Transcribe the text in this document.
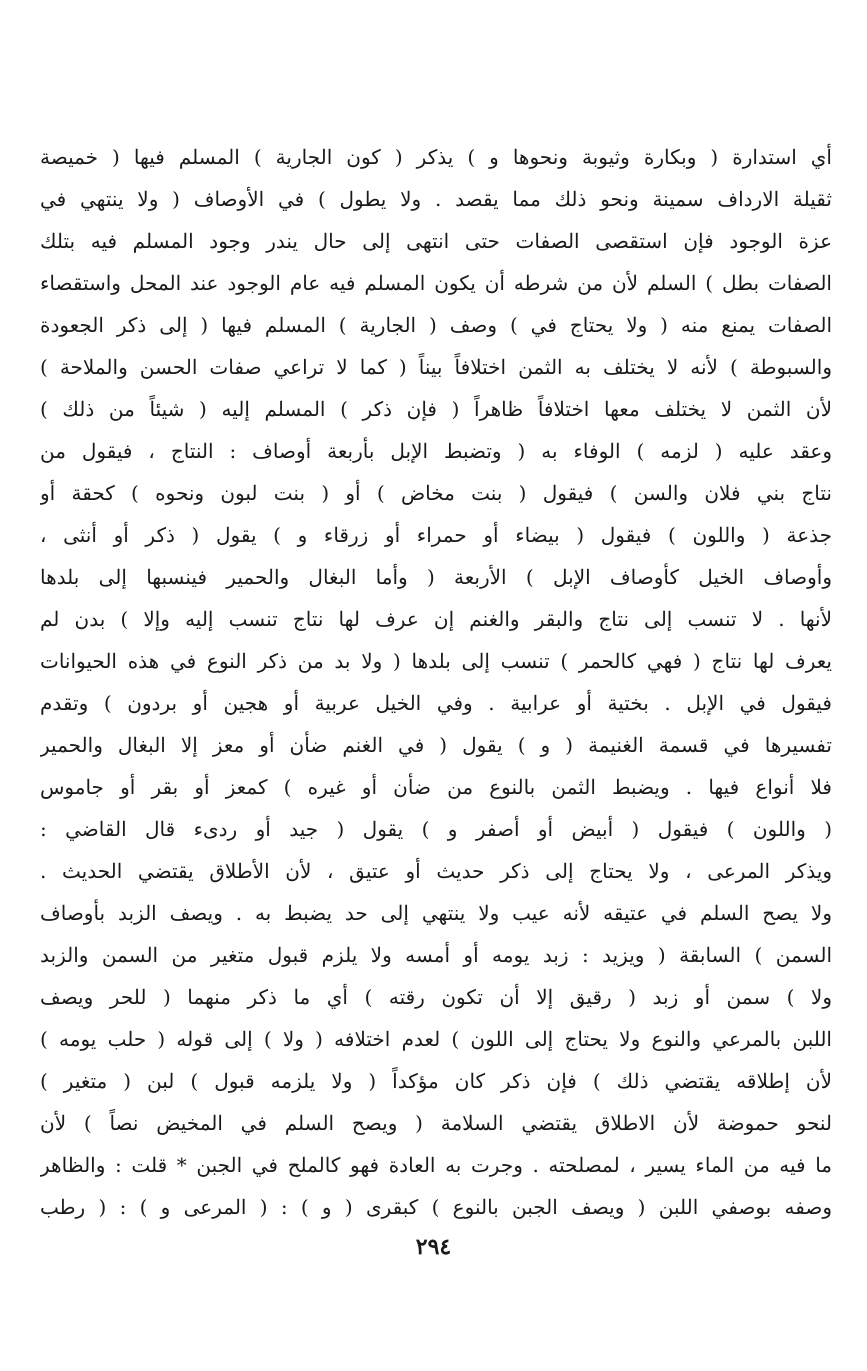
أي استدارة ( وبكارة وثيوبة ونحوها و ) يذكر ( كون الجارية ) المسلم فيها ( خميصة
ثقيلة الارداف سمينة ونحو ذلك مما يقصد . ولا يطول ) في الأوصاف ( ولا ينتهي في
عزة الوجود فإن استقصى الصفات حتى انتهى إلى حال يندر وجود المسلم فيه بتلك
الصفات بطل ) السلم لأن من شرطه أن يكون المسلم فيه عام الوجود عند المحل واستقصاء
الصفات يمنع منه ( ولا يحتاج في ) وصف ( الجارية ) المسلم فيها ( إلى ذكر الجعودة
والسبوطة ) لأنه لا يختلف به الثمن اختلافاً بيناً ( كما لا تراعي صفات الحسن والملاحة )
لأن الثمن لا يختلف معها اختلافاً ظاهراً ( فإن ذكر ) المسلم إليه ( شيئاً من ذلك )
وعقد عليه ( لزمه ) الوفاء به ( وتضبط الإبل بأربعة أوصاف : النتاج ، فيقول من
نتاج بني فلان والسن ) فيقول ( بنت مخاض ) أو ( بنت لبون ونحوه ) كحقة أو
جذعة ( واللون ) فيقول ( بيضاء أو حمراء أو زرقاء و ) يقول ( ذكر أو أنثى ،
وأوصاف الخيل كأوصاف الإبل ) الأربعة ( وأما البغال والحمير فينسبها إلى بلدها
لأنها . لا تنسب إلى نتاج والبقر والغنم إن عرف لها نتاج تنسب إليه وإلا ) بدن لم
يعرف لها نتاج ( فهي كالحمر ) تنسب إلى بلدها ( ولا بد من ذكر النوع في هذه الحيوانات
فيقول في الإبل . بختية أو عرابية . وفي الخيل عربية أو هجين أو بردون ) وتقدم
تفسيرها في قسمة الغنيمة ( و ) يقول ( في الغنم ضأن أو معز إلا البغال والحمير
فلا أنواع فيها . ويضبط الثمن بالنوع من ضأن أو غيره ) كمعز أو بقر أو جاموس
( واللون ) فيقول ( أبيض أو أصفر و ) يقول ( جيد أو ردىء قال القاضي :
ويذكر المرعى ، ولا يحتاج إلى ذكر حديث أو عتيق ، لأن الأطلاق يقتضي الحديث .
ولا يصح السلم في عتيقه لأنه عيب ولا ينتهي إلى حد يضبط به . ويصف الزبد بأوصاف
السمن ) السابقة ( ويزيد : زبد يومه أو أمسه ولا يلزم قبول متغير من السمن والزبد
ولا ) سمن أو زبد ( رقيق إلا أن تكون رقته ) أي ما ذكر منهما ( للحر ويصف
اللبن بالمرعي والنوع ولا يحتاج إلى اللون ) لعدم اختلافه ( ولا ) إلى قوله ( حلب يومه )
لأن إطلاقه يقتضي ذلك ) فإن ذكر كان مؤكداً ( ولا يلزمه قبول ) لبن ( متغير )
لنحو حموضة لأن الاطلاق يقتضي السلامة ( ويصح السلم في المخيض نصاً ) لأن
ما فيه من الماء يسير ، لمصلحته . وجرت به العادة فهو كالملح في الجبن * قلت : والظاهر
وصفه بوصفي اللبن ( ويصف الجبن بالنوع ) كبقرى ( و ) : ( المرعى و ) : ( رطب
٢٩٤
